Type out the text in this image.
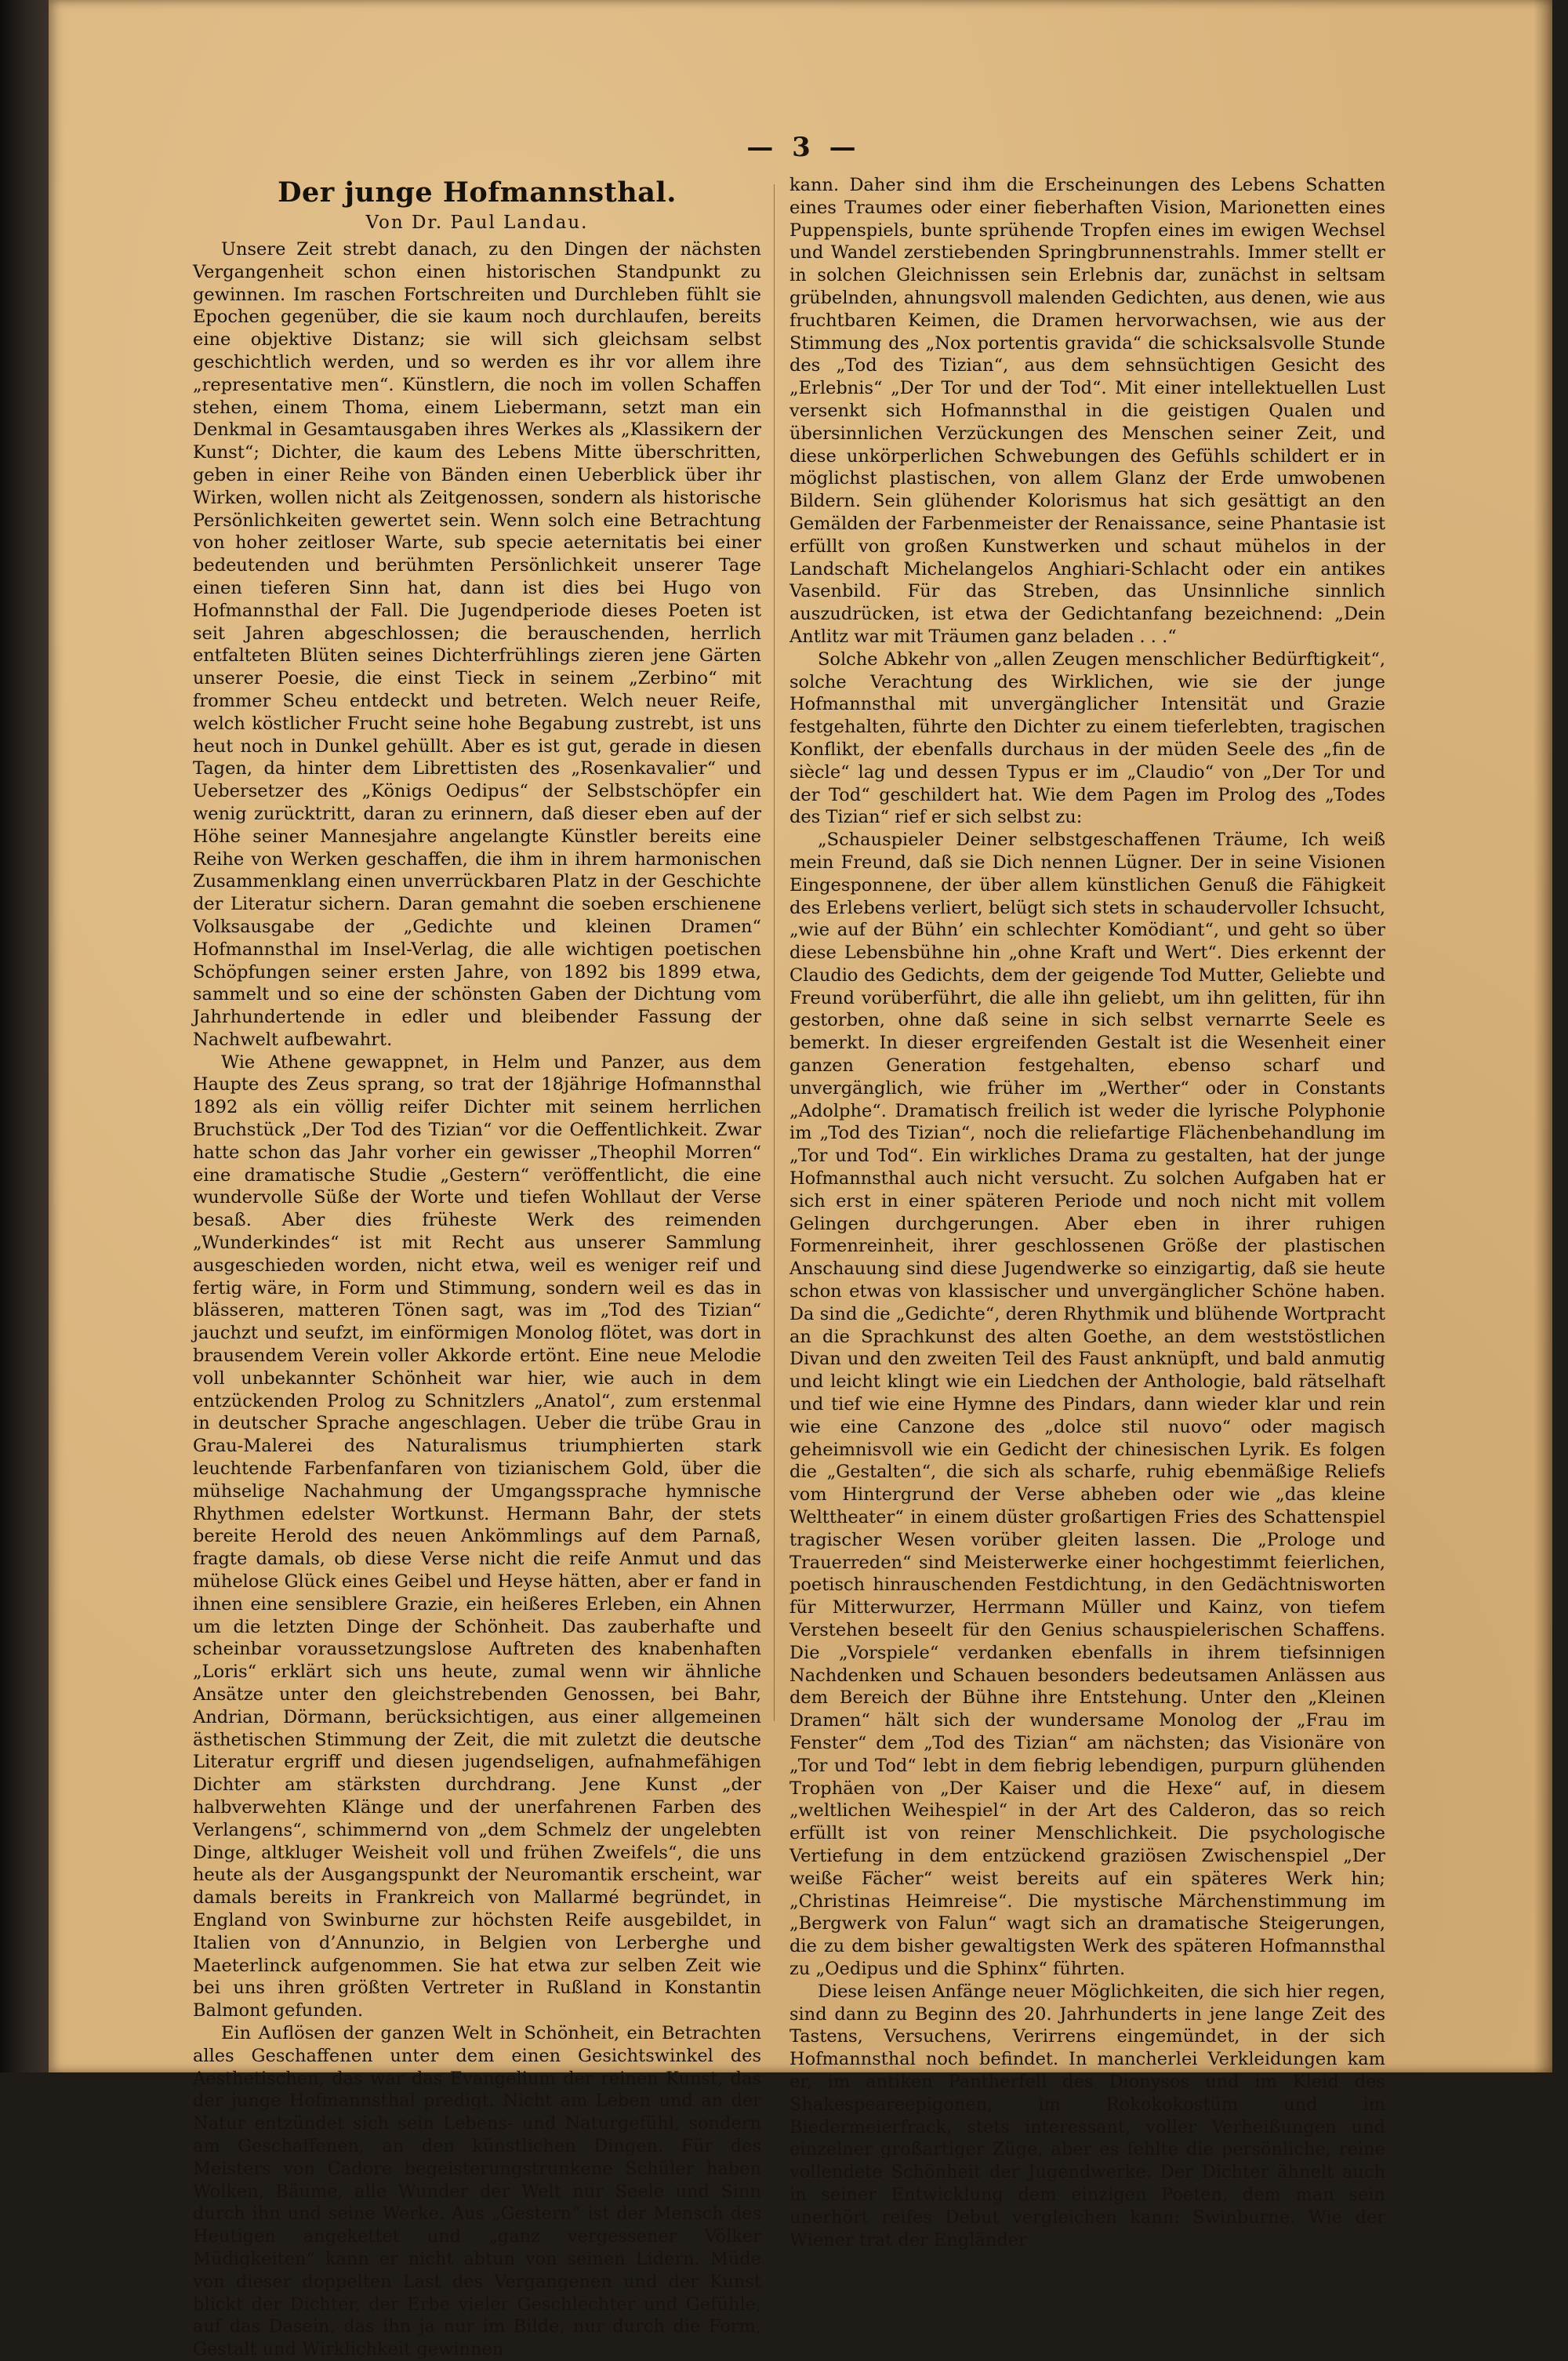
— 3 —
Der junge Hofmannsthal.
Von Dr. Paul Landau.

Unsere Zeit strebt danach, zu den Dingen der nächsten Vergangenheit schon einen historischen Standpunkt zu gewinnen. Im raschen Fortschreiten und Durchleben fühlt sie Epochen gegenüber, die sie kaum noch durchlaufen, bereits eine objektive Distanz; sie will sich gleichsam selbst geschichtlich werden, und so werden es ihr vor allem ihre „representative men“. Künstlern, die noch im vollen Schaffen stehen, einem Thoma, einem Liebermann, setzt man ein Denkmal in Gesamtausgaben ihres Werkes als „Klassikern der Kunst“; Dichter, die kaum des Lebens Mitte überschritten, geben in einer Reihe von Bänden einen Ueberblick über ihr Wirken, wollen nicht als Zeitgenossen, sondern als historische Persönlichkeiten gewertet sein. Wenn solch eine Betrachtung von hoher zeitloser Warte, sub specie aeternitatis bei einer bedeutenden und berühmten Persönlichkeit unserer Tage einen tieferen Sinn hat, dann ist dies bei Hugo von Hofmannsthal der Fall. Die Jugendperiode dieses Poeten ist seit Jahren abgeschlossen; die berauschenden, herrlich entfalteten Blüten seines Dichterfrühlings zieren jene Gärten unserer Poesie, die einst Tieck in seinem „Zerbino“ mit frommer Scheu entdeckt und betreten. Welch neuer Reife, welch köstlicher Frucht seine hohe Begabung zustrebt, ist uns heut noch in Dunkel gehüllt. Aber es ist gut, gerade in diesen Tagen, da hinter dem Librettisten des „Rosenkavalier“ und Uebersetzer des „Königs Oedipus“ der Selbstschöpfer ein wenig zurücktritt, daran zu erinnern, daß dieser eben auf der Höhe seiner Mannesjahre angelangte Künstler bereits eine Reihe von Werken geschaffen, die ihm in ihrem harmonischen Zusammenklang einen unverrückbaren Platz in der Geschichte der Literatur sichern. Daran gemahnt die soeben erschienene Volksausgabe der „Gedichte und kleinen Dramen“ Hofmannsthal im Insel-Verlag, die alle wichtigen poetischen Schöpfungen seiner ersten Jahre, von 1892 bis 1899 etwa, sammelt und so eine der schönsten Gaben der Dichtung vom Jahrhundertende in edler und bleibender Fassung der Nachwelt aufbewahrt.

Wie Athene gewappnet, in Helm und Panzer, aus dem Haupte des Zeus sprang, so trat der 18jährige Hofmannsthal 1892 als ein völlig reifer Dichter mit seinem herrlichen Bruchstück „Der Tod des Tizian“ vor die Oeffentlichkeit. Zwar hatte schon das Jahr vorher ein gewisser „Theophil Morren“ eine dramatische Studie „Gestern“ veröffentlicht, die eine wundervolle Süße der Worte und tiefen Wohllaut der Verse besaß. Aber dies früheste Werk des reimenden „Wunderkindes“ ist mit Recht aus unserer Sammlung ausgeschieden worden, nicht etwa, weil es weniger reif und fertig wäre, in Form und Stimmung, sondern weil es das in blässeren, matteren Tönen sagt, was im „Tod des Tizian“ jauchzt und seufzt, im einförmigen Monolog flötet, was dort in brausendem Verein voller Akkorde ertönt. Eine neue Melodie voll unbekannter Schönheit war hier, wie auch in dem entzückenden Prolog zu Schnitzlers „Anatol“, zum erstenmal in deutscher Sprache angeschlagen. Ueber die trübe Grau in Grau-Malerei des Naturalismus triumphierten stark leuchtende Farbenfanfaren von tizianischem Gold, über die mühselige Nachahmung der Umgangssprache hymnische Rhythmen edelster Wortkunst. Hermann Bahr, der stets bereite Herold des neuen Ankömmlings auf dem Parnaß, fragte damals, ob diese Verse nicht die reife Anmut und das mühelose Glück eines Geibel und Heyse hätten, aber er fand in ihnen eine sensiblere Grazie, ein heißeres Erleben, ein Ahnen um die letzten Dinge der Schönheit. Das zauberhafte und scheinbar voraussetzungslose Auftreten des knabenhaften „Loris“ erklärt sich uns heute, zumal wenn wir ähnliche Ansätze unter den gleichstrebenden Genossen, bei Bahr, Andrian, Dörmann, berücksichtigen, aus einer allgemeinen ästhetischen Stimmung der Zeit, die mit zuletzt die deutsche Literatur ergriff und diesen jugendseligen, aufnahmefähigen Dichter am stärksten durchdrang. Jene Kunst „der halbverwehten Klänge und der unerfahrenen Farben des Verlangens“, schimmernd von „dem Schmelz der ungelebten Dinge, altkluger Weisheit voll und frühen Zweifels“, die uns heute als der Ausgangspunkt der Neuromantik erscheint, war damals bereits in Frankreich von Mallarmé begründet, in England von Swinburne zur höchsten Reife ausgebildet, in Italien von d’Annunzio, in Belgien von Lerberghe und Maeterlinck aufgenommen. Sie hat etwa zur selben Zeit wie bei uns ihren größten Vertreter in Rußland in Konstantin Balmont gefunden.

Ein Auflösen der ganzen Welt in Schönheit, ein Betrachten alles Geschaffenen unter dem einen Gesichtswinkel des Aesthetischen, das war das Evangelium der reinen Kunst, das der junge Hofmannsthal predigt. Nicht am Leben und an der Natur entzündet sich sein Lebens- und Naturgefühl, sondern am Geschaffenen, an den künstlichen Dingen. Für des Meisters von Cadore begeisterungstrunkene Schüler haben Wolken, Bäume, alle Wunder der Welt nur Seele und Sinn durch ihn und seine Werke. Aus „Gestern“ ist der Mensch des Heutigen angekettet und „ganz vergessener Völker Müdigkeiten“ kann er nicht abtun von seinen Lidern. Müde von dieser doppelten Last des Vergangenen und der Kunst blickt der Dichter, der Erbe vieler Geschlechter und Gefühle, auf das Dasein, das ihn ja nur im Bilde, nur durch die Form, Gestalt und Wirklichkeit gewinnen

kann. Daher sind ihm die Erscheinungen des Lebens Schatten eines Traumes oder einer fieberhaften Vision, Marionetten eines Puppenspiels, bunte sprühende Tropfen eines im ewigen Wechsel und Wandel zerstiebenden Springbrunnenstrahls. Immer stellt er in solchen Gleichnissen sein Erlebnis dar, zunächst in seltsam grübelnden, ahnungsvoll malenden Gedichten, aus denen, wie aus fruchtbaren Keimen, die Dramen hervorwachsen, wie aus der Stimmung des „Nox portentis gravida“ die schicksalsvolle Stunde des „Tod des Tizian“, aus dem sehnsüchtigen Gesicht des „Erlebnis“ „Der Tor und der Tod“. Mit einer intellektuellen Lust versenkt sich Hofmannsthal in die geistigen Qualen und übersinnlichen Verzückungen des Menschen seiner Zeit, und diese unkörperlichen Schwebungen des Gefühls schildert er in möglichst plastischen, von allem Glanz der Erde umwobenen Bildern. Sein glühender Kolorismus hat sich gesättigt an den Gemälden der Farbenmeister der Renaissance, seine Phantasie ist erfüllt von großen Kunstwerken und schaut mühelos in der Landschaft Michelangelos Anghiari-Schlacht oder ein antikes Vasenbild. Für das Streben, das Unsinnliche sinnlich auszudrücken, ist etwa der Gedichtanfang bezeichnend: „Dein Antlitz war mit Träumen ganz beladen . . .“

Solche Abkehr von „allen Zeugen menschlicher Bedürftigkeit“, solche Verachtung des Wirklichen, wie sie der junge Hofmannsthal mit unvergänglicher Intensität und Grazie festgehalten, führte den Dichter zu einem tieferlebten, tragischen Konflikt, der ebenfalls durchaus in der müden Seele des „fin de siècle“ lag und dessen Typus er im „Claudio“ von „Der Tor und der Tod“ geschildert hat. Wie dem Pagen im Prolog des „Todes des Tizian“ rief er sich selbst zu:

„Schauspieler Deiner selbstgeschaffenen Träume, Ich weiß mein Freund, daß sie Dich nennen Lügner. Der in seine Visionen Eingesponnene, der über allem künstlichen Genuß die Fähigkeit des Erlebens verliert, belügt sich stets in schaudervoller Ichsucht, „wie auf der Bühn’ ein schlechter Komödiant“, und geht so über diese Lebensbühne hin „ohne Kraft und Wert“. Dies erkennt der Claudio des Gedichts, dem der geigende Tod Mutter, Geliebte und Freund vorüberführt, die alle ihn geliebt, um ihn gelitten, für ihn gestorben, ohne daß seine in sich selbst vernarrte Seele es bemerkt. In dieser ergreifenden Gestalt ist die Wesenheit einer ganzen Generation festgehalten, ebenso scharf und unvergänglich, wie früher im „Werther“ oder in Constants „Adolphe“. Dramatisch freilich ist weder die lyrische Polyphonie im „Tod des Tizian“, noch die reliefartige Flächenbehandlung im „Tor und Tod“. Ein wirkliches Drama zu gestalten, hat der junge Hofmannsthal auch nicht versucht. Zu solchen Aufgaben hat er sich erst in einer späteren Periode und noch nicht mit vollem Gelingen durchgerungen. Aber eben in ihrer ruhigen Formenreinheit, ihrer geschlossenen Größe der plastischen Anschauung sind diese Jugendwerke so einzigartig, daß sie heute schon etwas von klassischer und unvergänglicher Schöne haben. Da sind die „Gedichte“, deren Rhythmik und blühende Wortpracht an die Sprachkunst des alten Goethe, an dem weststöstlichen Divan und den zweiten Teil des Faust anknüpft, und bald anmutig und leicht klingt wie ein Liedchen der Anthologie, bald rätselhaft und tief wie eine Hymne des Pindars, dann wieder klar und rein wie eine Canzone des „dolce stil nuovo“ oder magisch geheimnisvoll wie ein Gedicht der chinesischen Lyrik. Es folgen die „Gestalten“, die sich als scharfe, ruhig ebenmäßige Reliefs vom Hintergrund der Verse abheben oder wie „das kleine Welttheater“ in einem düster großartigen Fries des Schattenspiel tragischer Wesen vorüber gleiten lassen. Die „Prologe und Trauerreden“ sind Meisterwerke einer hochgestimmt feierlichen, poetisch hinrauschenden Festdichtung, in den Gedächtnisworten für Mitterwurzer, Herrmann Müller und Kainz, von tiefem Verstehen beseelt für den Genius schauspielerischen Schaffens. Die „Vorspiele“ verdanken ebenfalls in ihrem tiefsinnigen Nachdenken und Schauen besonders bedeutsamen Anlässen aus dem Bereich der Bühne ihre Entstehung. Unter den „Kleinen Dramen“ hält sich der wundersame Monolog der „Frau im Fenster“ dem „Tod des Tizian“ am nächsten; das Visionäre von „Tor und Tod“ lebt in dem fiebrig lebendigen, purpurn glühenden Trophäen von „Der Kaiser und die Hexe“ auf, in diesem „weltlichen Weihespiel“ in der Art des Calderon, das so reich erfüllt ist von reiner Menschlichkeit. Die psychologische Vertiefung in dem entzückend graziösen Zwischenspiel „Der weiße Fächer“ weist bereits auf ein späteres Werk hin; „Christinas Heimreise“. Die mystische Märchenstimmung im „Bergwerk von Falun“ wagt sich an dramatische Steigerungen, die zu dem bisher gewaltigsten Werk des späteren Hofmannsthal zu „Oedipus und die Sphinx“ führten.

Diese leisen Anfänge neuer Möglichkeiten, die sich hier regen, sind dann zu Beginn des 20. Jahrhunderts in jene lange Zeit des Tastens, Versuchens, Verirrens eingemündet, in der sich Hofmannsthal noch befindet. In mancherlei Verkleidungen kam er, im antiken Pantherfell des Dionysos und im Kleid des Shakespeareepigonen, im Rokokokostüm und im Biedermeierfrack, stets interessant, voller Verheißungen und einzelner großartiger Züge, aber es fehlte die persönliche, reine vollendete Schönheit der Jugendwerke. Der Dichter ähnelt auch in seiner Entwicklung dem einzigen Poeten, dem man sein unerhört reifes Debut vergleichen kann: Swinburne. Wie der Wiener trat der Engländer
